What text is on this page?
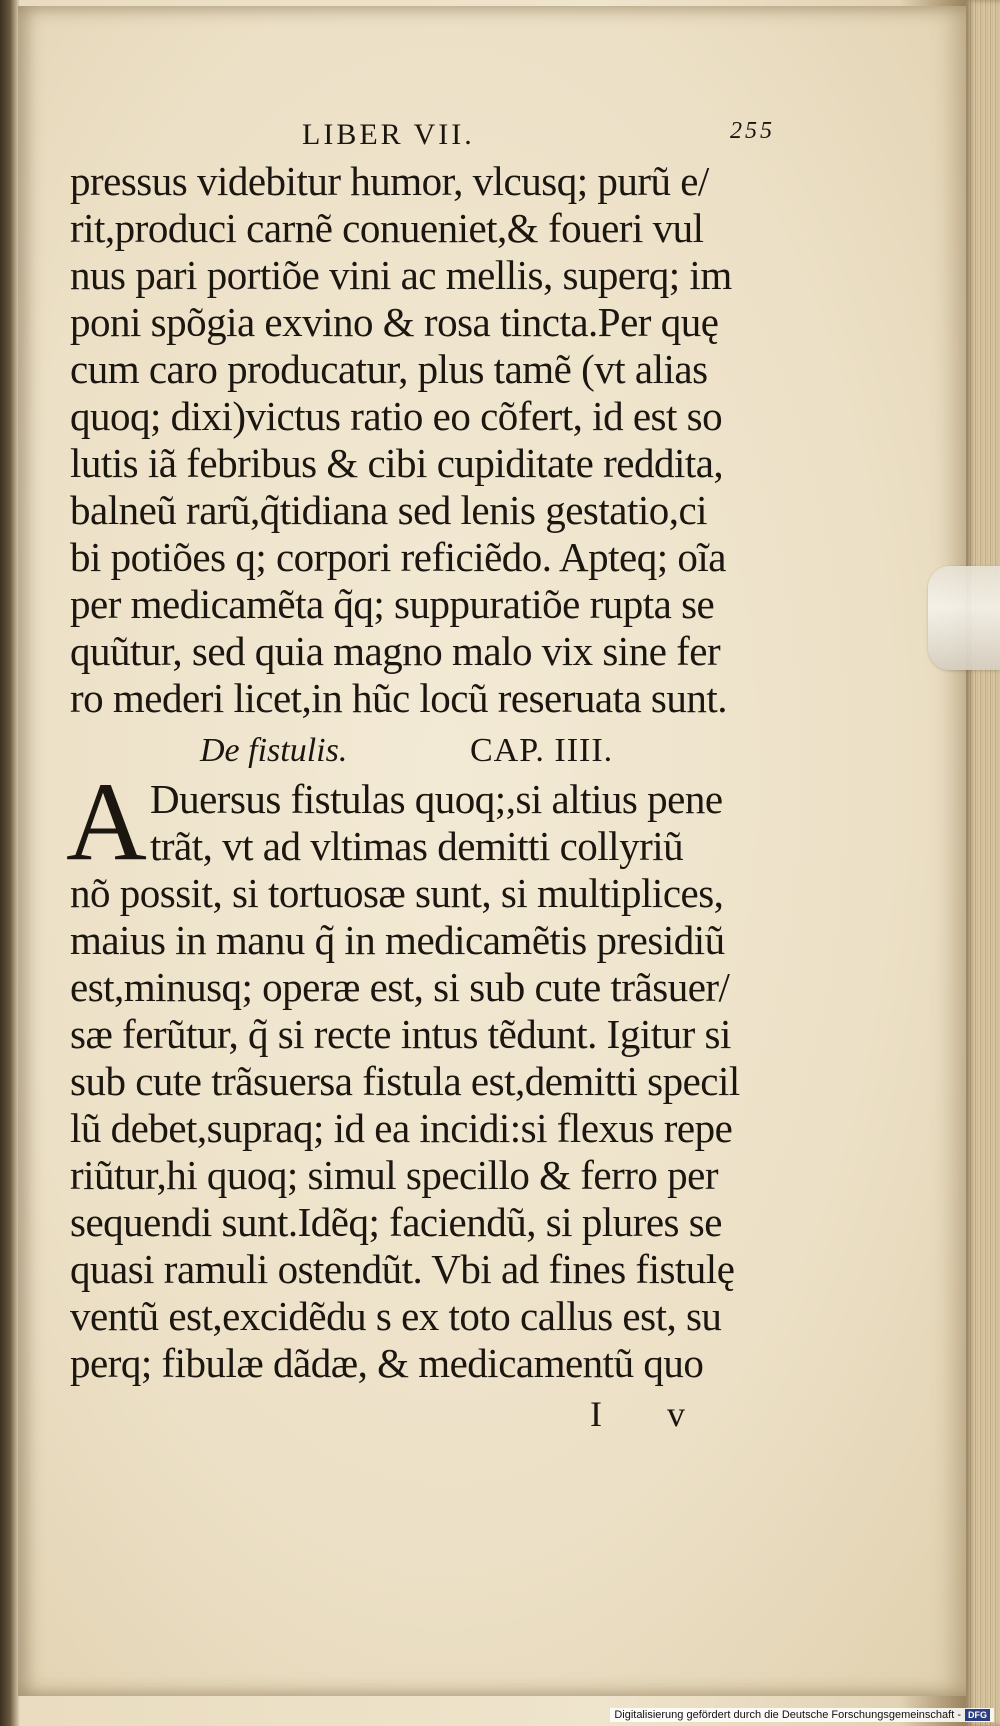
LIBER VII.	255
pressus videbitur humor, vlcusq; purũ e/
rit,produci carnẽ conueniet,& foueri vul
nus pari portiõe vini ac mellis, superq; im
poni spõgia exvino & rosa tincta.Per quę
cum caro producatur, plus tamẽ (vt alias
quoq; dixi)victus ratio eo cõfert, id est so
lutis iã febribus & cibi cupiditate reddita,
balneũ rarũ,q̃tidiana sed lenis gestatio,ci
bi potiões q; corpori reficiẽdo. Apteq; oĩa
per medicamẽta q̃q; suppuratiõe rupta se
quũtur, sed quia magno malo vix sine fer
ro mederi licet,in hũc locũ reseruata sunt.
De fistulis.	CAP. IIII.
A Duersus fistulas quoq;,si altius pene
trãt, vt ad vltimas demitti collyriũ
nõ possit, si tortuosæ sunt, si multiplices,
maius in manu q̃ in medicamẽtis presidiũ
est,minusq; operæ est, si sub cute trãsuer/
sæ ferũtur, q̃ si recte intus tẽdunt. Igitur si
sub cute trãsuersa fistula est,demitti specil
lũ debet,supraq; id ea incidi:si flexus repe
riũtur,hi quoq; simul specillo & ferro per
sequendi sunt.Idẽq; faciendũ, si plures se
quasi ramuli ostendũt. Vbi ad fines fistulę
ventũ est,excidẽdu s ex toto callus est, su
perq; fibulæ dãdæ, & medicamentũ quo
I v
Digitalisierung gefördert durch die Deutsche Forschungsgemeinschaft - DFG
